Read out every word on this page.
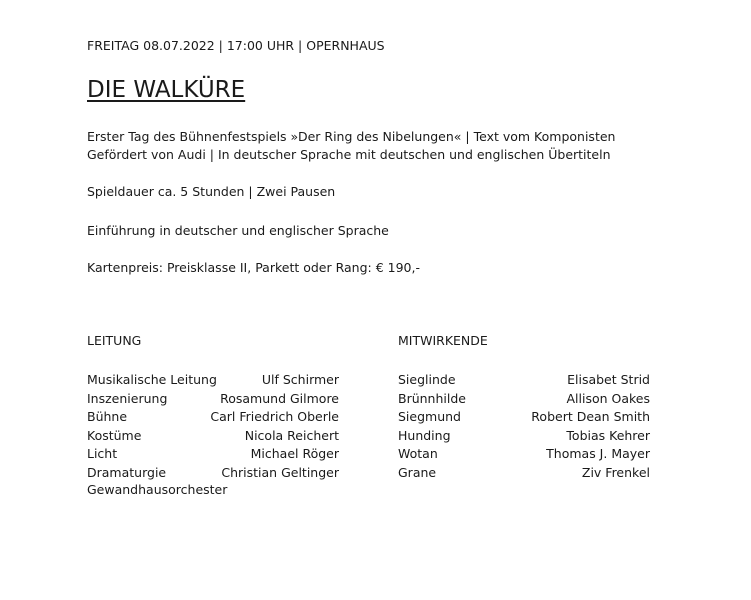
FREITAG 08.07.2022 | 17:00 UHR | OPERNHAUS
DIE WALKÜRE
Erster Tag des Bühnenfestspiels »Der Ring des Nibelungen« | Text vom Komponisten
Gefördert von Audi | In deutscher Sprache mit deutschen und englischen Übertiteln
Spieldauer ca. 5 Stunden | Zwei Pausen
Einführung in deutscher und englischer Sprache
Kartenpreis: Preisklasse II, Parkett oder Rang: € 190,-
LEITUNG	MITWIRKENDE
Musikalische Leitung	Ulf Schirmer
Inszenierung	Rosamund Gilmore
Bühne	Carl Friedrich Oberle
Kostüme	Nicola Reichert
Licht	Michael Röger
Dramaturgie	Christian Geltinger
Gewandhausorchester
Sieglinde	Elisabet Strid
Brünnhilde	Allison Oakes
Siegmund	Robert Dean Smith
Hunding	Tobias Kehrer
Wotan	Thomas J. Mayer
Grane	Ziv Frenkel
